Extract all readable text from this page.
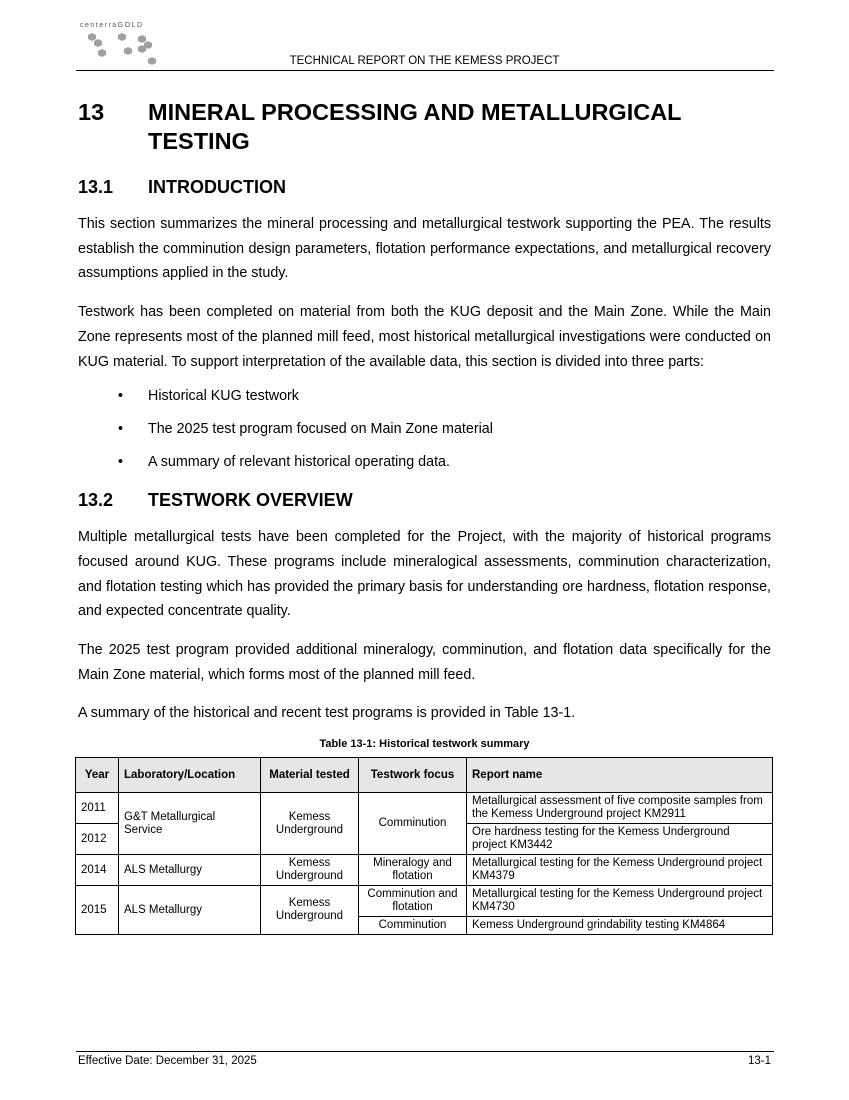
centerraGOLD
TECHNICAL REPORT ON THE KEMESS PROJECT
13	MINERAL PROCESSING AND METALLURGICAL TESTING
13.1	INTRODUCTION

This section summarizes the mineral processing and metallurgical testwork supporting the PEA. The results establish the comminution design parameters, flotation performance expectations, and metallurgical recovery assumptions applied in the study.

Testwork has been completed on material from both the KUG deposit and the Main Zone. While the Main Zone represents most of the planned mill feed, most historical metallurgical investigations were conducted on KUG material. To support interpretation of the available data, this section is divided into three parts:

• Historical KUG testwork
• The 2025 test program focused on Main Zone material
• A summary of relevant historical operating data.
13.2	TESTWORK OVERVIEW

Multiple metallurgical tests have been completed for the Project, with the majority of historical programs focused around KUG. These programs include mineralogical assessments, comminution characterization, and flotation testing which has provided the primary basis for understanding ore hardness, flotation response, and expected concentrate quality.

The 2025 test program provided additional mineralogy, comminution, and flotation data specifically for the Main Zone material, which forms most of the planned mill feed.

A summary of the historical and recent test programs is provided in Table 13-1.

Table 13-1: Historical testwork summary
Year	Laboratory/Location	Material tested	Testwork focus	Report name
2011	G&T Metallurgical Service	Kemess Underground	Comminution	Metallurgical assessment of five composite samples from the Kemess Underground project KM2911
2012				Ore hardness testing for the Kemess Underground project KM3442
2014	ALS Metallurgy	Kemess Underground	Mineralogy and flotation	Metallurgical testing for the Kemess Underground project KM4379
2015	ALS Metallurgy	Kemess Underground	Comminution and flotation	Metallurgical testing for the Kemess Underground project KM4730
			Comminution	Kemess Underground grindability testing KM4864
Effective Date: December 31, 2025	13-1
